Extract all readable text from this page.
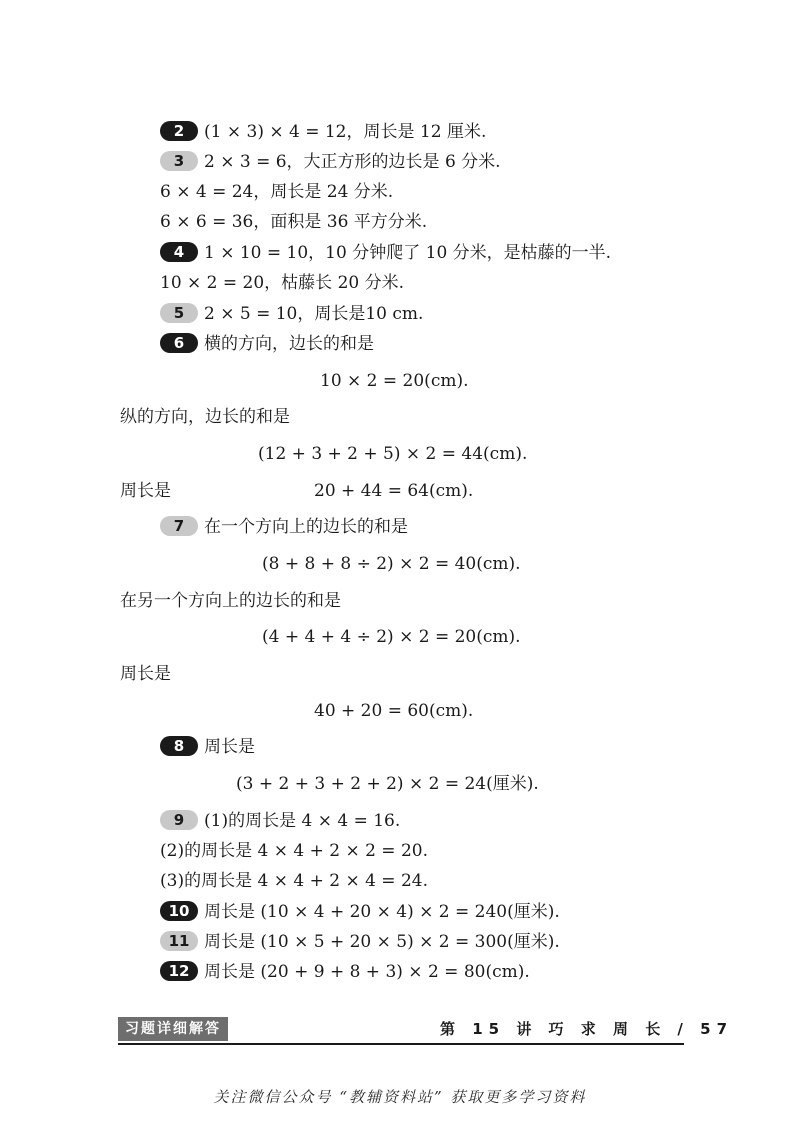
2 (1 × 3) × 4 = 12，周长是 12 厘米.
3 2 × 3 = 6，大正方形的边长是 6 分米.
6 × 4 = 24，周长是 24 分米.
6 × 6 = 36，面积是 36 平方分米.
4 1 × 10 = 10，10 分钟爬了 10 分米，是枯藤的一半.
10 × 2 = 20，枯藤长 20 分米.
5 2 × 5 = 10，周长是10 cm.
6 横的方向，边长的和是
10 × 2 = 20(cm).
纵的方向，边长的和是
(12 + 3 + 2 + 5) × 2 = 44(cm).
周长是	20 + 44 = 64(cm).
7 在一个方向上的边长的和是
(8 + 8 + 8 ÷ 2) × 2 = 40(cm).
在另一个方向上的边长的和是
(4 + 4 + 4 ÷ 2) × 2 = 20(cm).
周长是
40 + 20 = 60(cm).
8 周长是
(3 + 2 + 3 + 2 + 2) × 2 = 24(厘米).
9 (1)的周长是 4 × 4 = 16.
(2)的周长是 4 × 4 + 2 × 2 = 20.
(3)的周长是 4 × 4 + 2 × 4 = 24.
10 周长是 (10 × 4 + 20 × 4) × 2 = 240(厘米).
11 周长是 (10 × 5 + 20 × 5) × 2 = 300(厘米).
12 周长是 (20 + 9 + 8 + 3) × 2 = 80(cm).
习题详细解答	第 15 讲 巧 求 周 长 / 57
关注微信公众号 “教辅资料站” 获取更多学习资料
